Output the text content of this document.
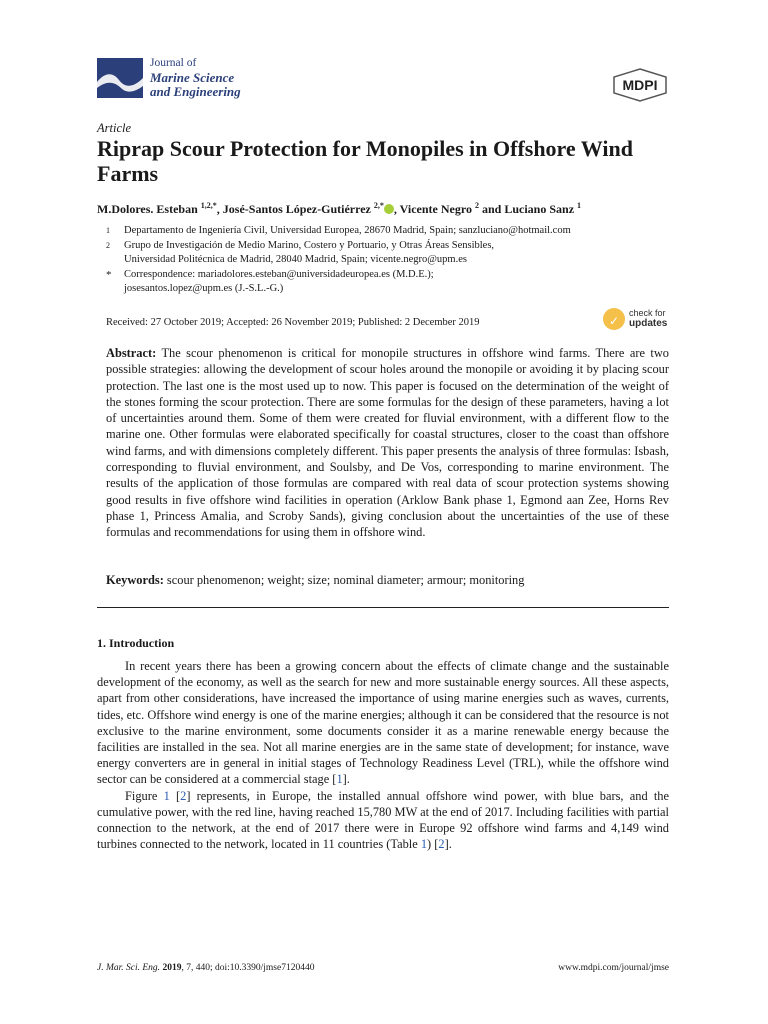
Journal of
Marine Science
and Engineering	MDPI
Article
Riprap Scour Protection for Monopiles in Offshore Wind Farms
M.Dolores. Esteban $^{1,2,*}$, José-Santos López-Gutiérrez $^{2,*}$ , Vicente Negro $^2$ and Luciano Sanz $^1$
1	Departamento de Ingeniería Civil, Universidad Europea, 28670 Madrid, Spain; sanzluciano@hotmail.com
2	Grupo de Investigación de Medio Marino, Costero y Portuario, y Otras Áreas Sensibles,
Universidad Politécnica de Madrid, 28040 Madrid, Spain; vicente.negro@upm.es
*	Correspondence: mariadolores.esteban@universidadeuropea.es (M.D.E.);
josesantos.lopez@upm.es (J.-S.L.-G.)
Received: 27 October 2019; Accepted: 26 November 2019; Published: 2 December 2019	✓
check for
updates
Abstract: The scour phenomenon is critical for monopile structures in offshore wind farms. There are two possible strategies: allowing the development of scour holes around the monopile or avoiding it by placing scour protection. The last one is the most used up to now. This paper is focused on the determination of the weight of the stones forming the scour protection. There are some formulas for the design of these parameters, having a lot of uncertainties around them. Some of them were created for fluvial environment, with a different flow to the marine one. Other formulas were elaborated specifically for coastal structures, closer to the coast than offshore wind farms, and with dimensions completely different. This paper presents the analysis of three formulas: Isbash, corresponding to fluvial environment, and Soulsby, and De Vos, corresponding to marine environment. The results of the application of those formulas are compared with real data of scour protection systems showing good results in five offshore wind facilities in operation (Arklow Bank phase 1, Egmond aan Zee, Horns Rev phase 1, Princess Amalia, and Scroby Sands), giving conclusion about the uncertainties of the use of these formulas and recommendations for using them in offshore wind.
Keywords: scour phenomenon; weight; size; nominal diameter; armour; monitoring
1. Introduction

In recent years there has been a growing concern about the effects of climate change and the sustainable development of the economy, as well as the search for new and more sustainable energy sources. All these aspects, apart from other considerations, have increased the importance of using marine energies such as waves, currents, tides, etc. Offshore wind energy is one of the marine energies; although it can be considered that the resource is not exclusive to the marine environment, some documents consider it as a marine renewable energy because the facilities are installed in the sea. Not all marine energies are in the same state of development; for instance, wave energy converters are in general in initial stages of Technology Readiness Level (TRL), while the offshore wind sector can be considered at a commercial stage [1].

Figure 1 [2] represents, in Europe, the installed annual offshore wind power, with blue bars, and the cumulative power, with the red line, having reached 15,780 MW at the end of 2017. Including facilities with partial connection to the network, at the end of 2017 there were in Europe 92 offshore wind farms and 4,149 wind turbines connected to the network, located in 11 countries (Table 1) [2].

J. Mar. Sci. Eng. 2019, 7, 440; doi:10.3390/jmse7120440	www.mdpi.com/journal/jmse
